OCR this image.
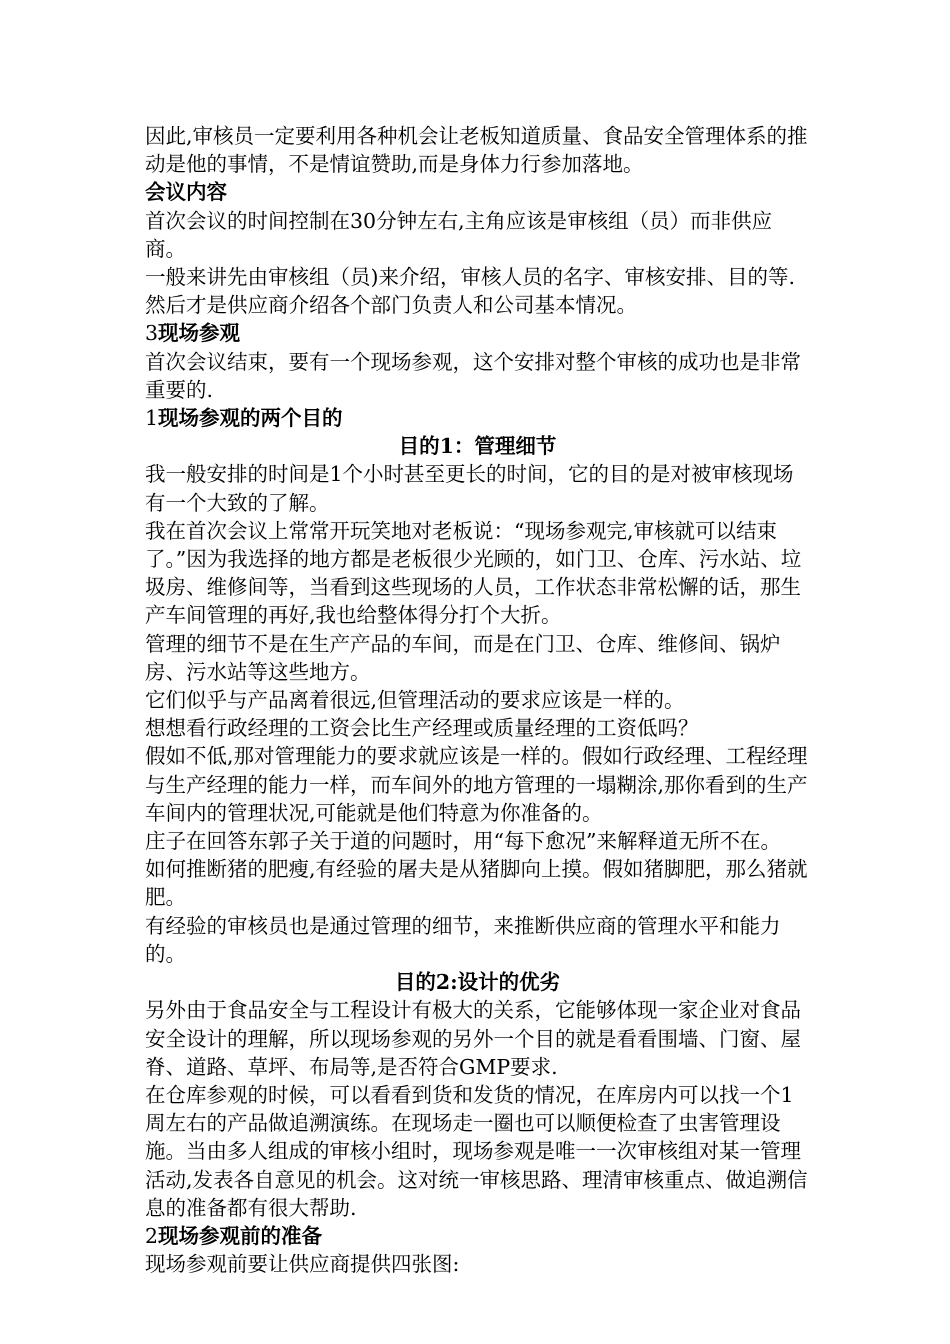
因此,审核员一定要利用各种机会让老板知道质量、食品安全管理体系的推动是他的事情，不是情谊赞助,而是身体力行参加落地。

会议内容

首次会议的时间控制在30分钟左右,主角应该是审核组（员）而非供应商。

一般来讲先由审核组（员)来介绍，审核人员的名字、审核安排、目的等.然后才是供应商介绍各个部门负责人和公司基本情况。

3现场参观

首次会议结束，要有一个现场参观，这个安排对整个审核的成功也是非常重要的.

1现场参观的两个目的

目的1：管理细节

我一般安排的时间是1个小时甚至更长的时间，它的目的是对被审核现场有一个大致的了解。

我在首次会议上常常开玩笑地对老板说：“现场参观完,审核就可以结束了。”因为我选择的地方都是老板很少光顾的，如门卫、仓库、污水站、垃圾房、维修间等，当看到这些现场的人员，工作状态非常松懈的话，那生产车间管理的再好,我也给整体得分打个大折。

管理的细节不是在生产产品的车间，而是在门卫、仓库、维修间、锅炉房、污水站等这些地方。

它们似乎与产品离着很远,但管理活动的要求应该是一样的。

想想看行政经理的工资会比生产经理或质量经理的工资低吗？

假如不低,那对管理能力的要求就应该是一样的。假如行政经理、工程经理与生产经理的能力一样，而车间外的地方管理的一塌糊涂,那你看到的生产车间内的管理状况,可能就是他们特意为你准备的。

庄子在回答东郭子关于道的问题时，用“每下愈况”来解释道无所不在。

如何推断猪的肥瘦,有经验的屠夫是从猪脚向上摸。假如猪脚肥，那么猪就肥。

有经验的审核员也是通过管理的细节，来推断供应商的管理水平和能力的。

目的2:设计的优劣

另外由于食品安全与工程设计有极大的关系，它能够体现一家企业对食品安全设计的理解，所以现场参观的另外一个目的就是看看围墙、门窗、屋脊、道路、草坪、布局等,是否符合GMP要求.

在仓库参观的时候，可以看看到货和发货的情况，在库房内可以找一个1周左右的产品做追溯演练。在现场走一圈也可以顺便检查了虫害管理设施。当由多人组成的审核小组时，现场参观是唯一一次审核组对某一管理活动,发表各自意见的机会。这对统一审核思路、理清审核重点、做追溯信息的准备都有很大帮助.

2现场参观前的准备

现场参观前要让供应商提供四张图:
